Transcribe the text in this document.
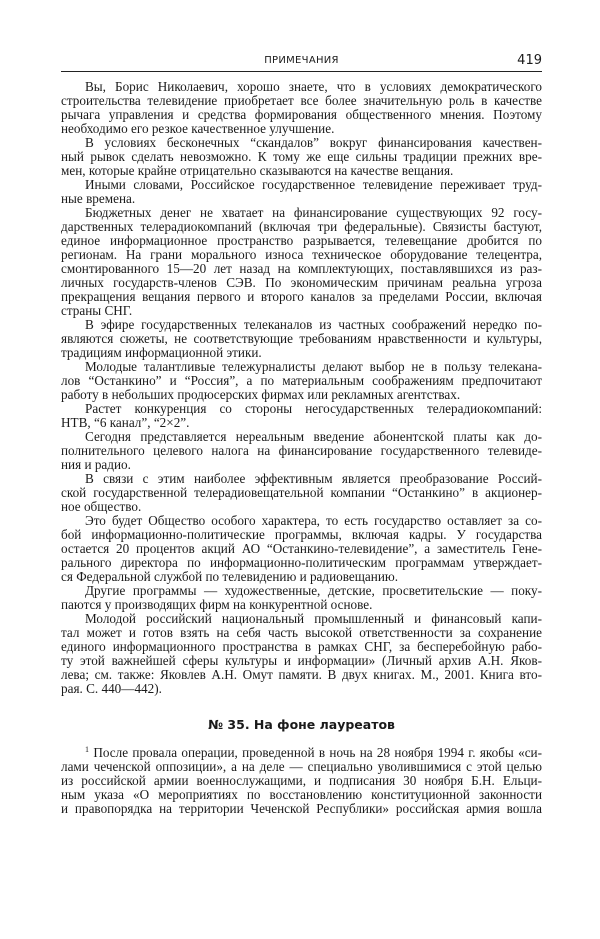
ПРИМЕЧАНИЯ	419
Вы, Борис Николаевич, хорошо знаете, что в условиях демократического
строительства телевидение приобретает все более значительную роль в качестве
рычага управления и средства формирования общественного мнения. Поэтому
необходимо его резкое качественное улучшение.
В условиях бесконечных “скандалов” вокруг финансирования качествен-
ный рывок сделать невозможно. К тому же еще сильны традиции прежних вре-
мен, которые крайне отрицательно сказываются на качестве вещания.
Иными словами, Российское государственное телевидение переживает труд-
ные времена.
Бюджетных денег не хватает на финансирование существующих 92 госу-
дарственных телерадиокомпаний (включая три федеральные). Связисты бастуют,
единое информационное пространство разрывается, телевещание дробится по
регионам. На грани морального износа техническое оборудование телецентра,
смонтированного 15—20 лет назад на комплектующих, поставлявшихся из раз-
личных государств-членов СЭВ. По экономическим причинам реальна угроза
прекращения вещания первого и второго каналов за пределами России, включая
страны СНГ.
В эфире государственных телеканалов из частных соображений нередко по-
являются сюжеты, не соответствующие требованиям нравственности и культуры,
традициям информационной этики.
Молодые талантливые тележурналисты делают выбор не в пользу телекана-
лов “Останкино” и “Россия”, а по материальным соображениям предпочитают
работу в небольших продюсерских фирмах или рекламных агентствах.
Растет конкуренция со стороны негосударственных телерадиокомпаний:
НТВ, “6 канал”, “2×2”.
Сегодня представляется нереальным введение абонентской платы как до-
полнительного целевого налога на финансирование государственного телевиде-
ния и радио.
В связи с этим наиболее эффективным является преобразование Россий-
ской государственной телерадиовещательной компании “Останкино” в акционер-
ное общество.
Это будет Общество особого характера, то есть государство оставляет за со-
бой информационно-политические программы, включая кадры. У государства
остается 20 процентов акций АО “Останкино-телевидение”, а заместитель Гене-
рального директора по информационно-политическим программам утверждает-
ся Федеральной службой по телевидению и радиовещанию.
Другие программы — художественные, детские, просветительские — поку-
паются у производящих фирм на конкурентной основе.
Молодой российский национальный промышленный и финансовый капи-
тал может и готов взять на себя часть высокой ответственности за сохранение
единого информационного пространства в рамках СНГ, за бесперебойную рабо-
ту этой важнейшей сферы культуры и информации» (Личный архив А.Н. Яков-
лева; см. также: Яковлев А.Н. Омут памяти. В двух книгах. М., 2001. Книга вто-
рая. С. 440—442).
№ 35. На фоне лауреатов
$^1$ После провала операции, проведенной в ночь на 28 ноября 1994 г. якобы «си-
лами чеченской оппозиции», а на деле — специально уволившимися с этой целью
из российской армии военнослужащими, и подписания 30 ноября Б.Н. Ельци-
ным указа «О мероприятиях по восстановлению конституционной законности
и правопорядка на территории Чеченской Республики» российская армия вошла
